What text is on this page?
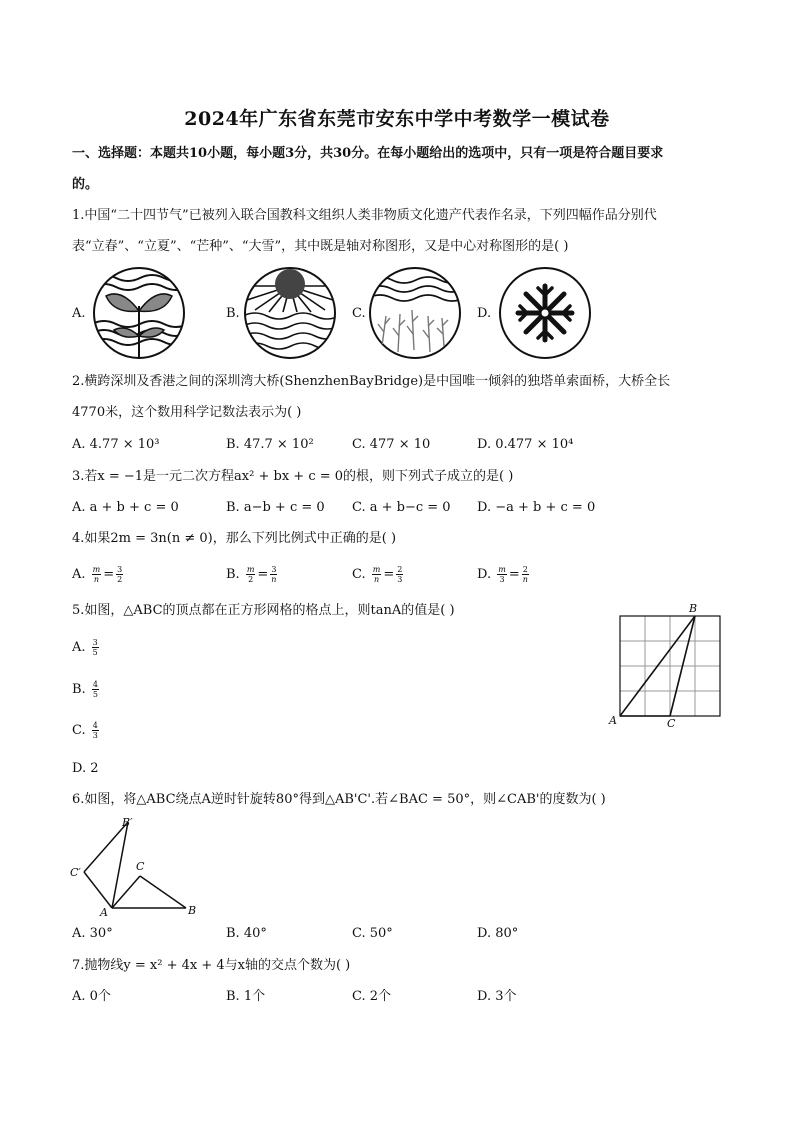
2024年广东省东莞市安东中学中考数学一模试卷
一、选择题：本题共10小题，每小题3分，共30分。在每小题给出的选项中，只有一项是符合题目要求
的。
1.中国“二十四节气”已被列入联合国教科文组织人类非物质文化遗产代表作名录，下列四幅作品分别代
表“立春”、“立夏”、“芒种”、“大雪”，其中既是轴对称图形，又是中心对称图形的是( )
A.	B.	C.	D.
2.横跨深圳及香港之间的深圳湾大桥(ShenzhenBayBridge)是中国唯一倾斜的独塔单索面桥，大桥全长
4770米，这个数用科学记数法表示为( )
A. 4.77 × 10³	B. 47.7 × 10²	C. 477 × 10	D. 0.477 × 10⁴
3.若x = −1是一元二次方程ax² + bx + c = 0的根，则下列式子成立的是( )
A. a + b + c = 0	B. a−b + c = 0 C. a + b−c = 0 D. −a + b + c = 0
4.如果2m = 3n(n ≠ 0)，那么下列比例式中正确的是( )
A. $\frac{m}{n} = \frac{3}{2}$	B. $\frac{m}{2} = \frac{3}{n}$	C. $\frac{m}{n} = \frac{2}{3}$	D. $\frac{m}{3} = \frac{2}{n}$
5.如图，△ABC的顶点都在正方形网格的格点上，则tanA的值是( )
A. $\frac{3}{5}$
B. $\frac{4}{5}$
C. $\frac{4}{3}$
D. 2
B
A	C
6.如图，将△ABC绕点A逆时针旋转80°得到△AB'C'.若∠BAC = 50°，则∠CAB'的度数为( )
B′
C′	C
A	B
A. 30°	B. 40°	C. 50°	D. 80°
7.抛物线y = x² + 4x + 4与x轴的交点个数为( )
A. 0个	B. 1个	C. 2个	D. 3个
